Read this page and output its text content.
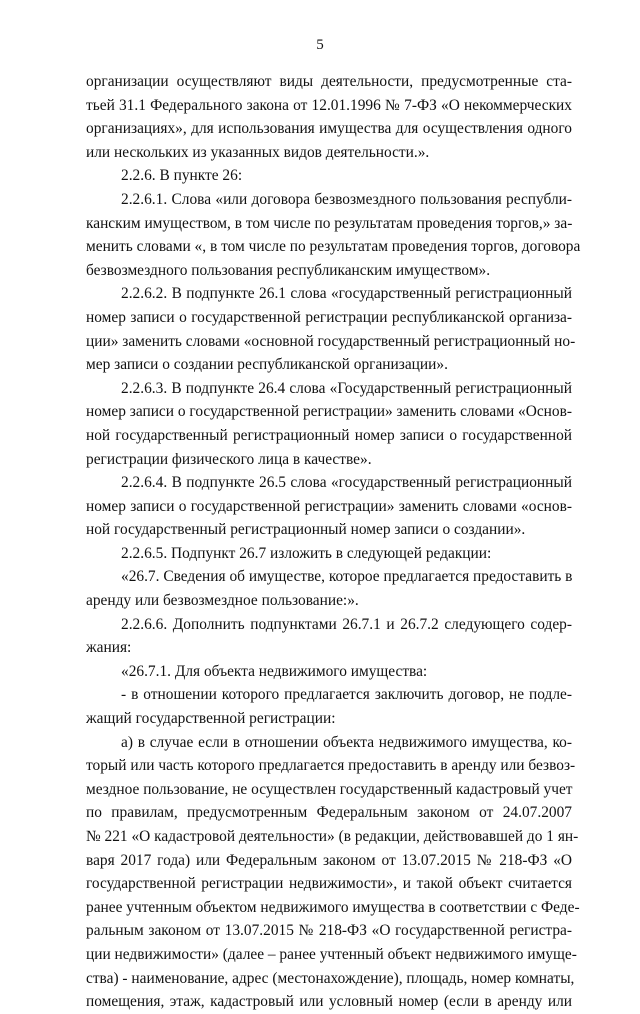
5
организации осуществляют виды деятельности, предусмотренные ста-
тьей 31.1 Федерального закона от 12.01.1996 № 7-ФЗ «О некоммерческих
организациях», для использования имущества для осуществления одного
или нескольких из указанных видов деятельности.».
2.2.6. В пункте 26:
2.2.6.1. Слова «или договора безвозмездного пользования республи-
канским имуществом, в том числе по результатам проведения торгов,» за-
менить словами «, в том числе по результатам проведения торгов, договора
безвозмездного пользования республиканским имуществом».
2.2.6.2. В подпункте 26.1 слова «государственный регистрационный
номер записи о государственной регистрации республиканской организа-
ции» заменить словами «основной государственный регистрационный но-
мер записи о создании республиканской организации».
2.2.6.3. В подпункте 26.4 слова «Государственный регистрационный
номер записи о государственной регистрации» заменить словами «Основ-
ной государственный регистрационный номер записи о государственной
регистрации физического лица в качестве».
2.2.6.4. В подпункте 26.5 слова «государственный регистрационный
номер записи о государственной регистрации» заменить словами «основ-
ной государственный регистрационный номер записи о создании».
2.2.6.5. Подпункт 26.7 изложить в следующей редакции:
«26.7. Сведения об имуществе, которое предлагается предоставить в
аренду или безвозмездное пользование:».
2.2.6.6. Дополнить подпунктами 26.7.1 и 26.7.2 следующего содер-
жания:
«26.7.1. Для объекта недвижимого имущества:
- в отношении которого предлагается заключить договор, не подле-
жащий государственной регистрации:
а) в случае если в отношении объекта недвижимого имущества, ко-
торый или часть которого предлагается предоставить в аренду или безвоз-
мездное пользование, не осуществлен государственный кадастровый учет
по правилам, предусмотренным Федеральным законом от 24.07.2007
№ 221 «О кадастровой деятельности» (в редакции, действовавшей до 1 ян-
варя 2017 года) или Федеральным законом от 13.07.2015 № 218-ФЗ «О
государственной регистрации недвижимости», и такой объект считается
ранее учтенным объектом недвижимого имущества в соответствии с Феде-
ральным законом от 13.07.2015 № 218-ФЗ «О государственной регистра-
ции недвижимости» (далее – ранее учтенный объект недвижимого имуще-
ства) - наименование, адрес (местонахождение), площадь, номер комнаты,
помещения, этаж, кадастровый или условный номер (если в аренду или
